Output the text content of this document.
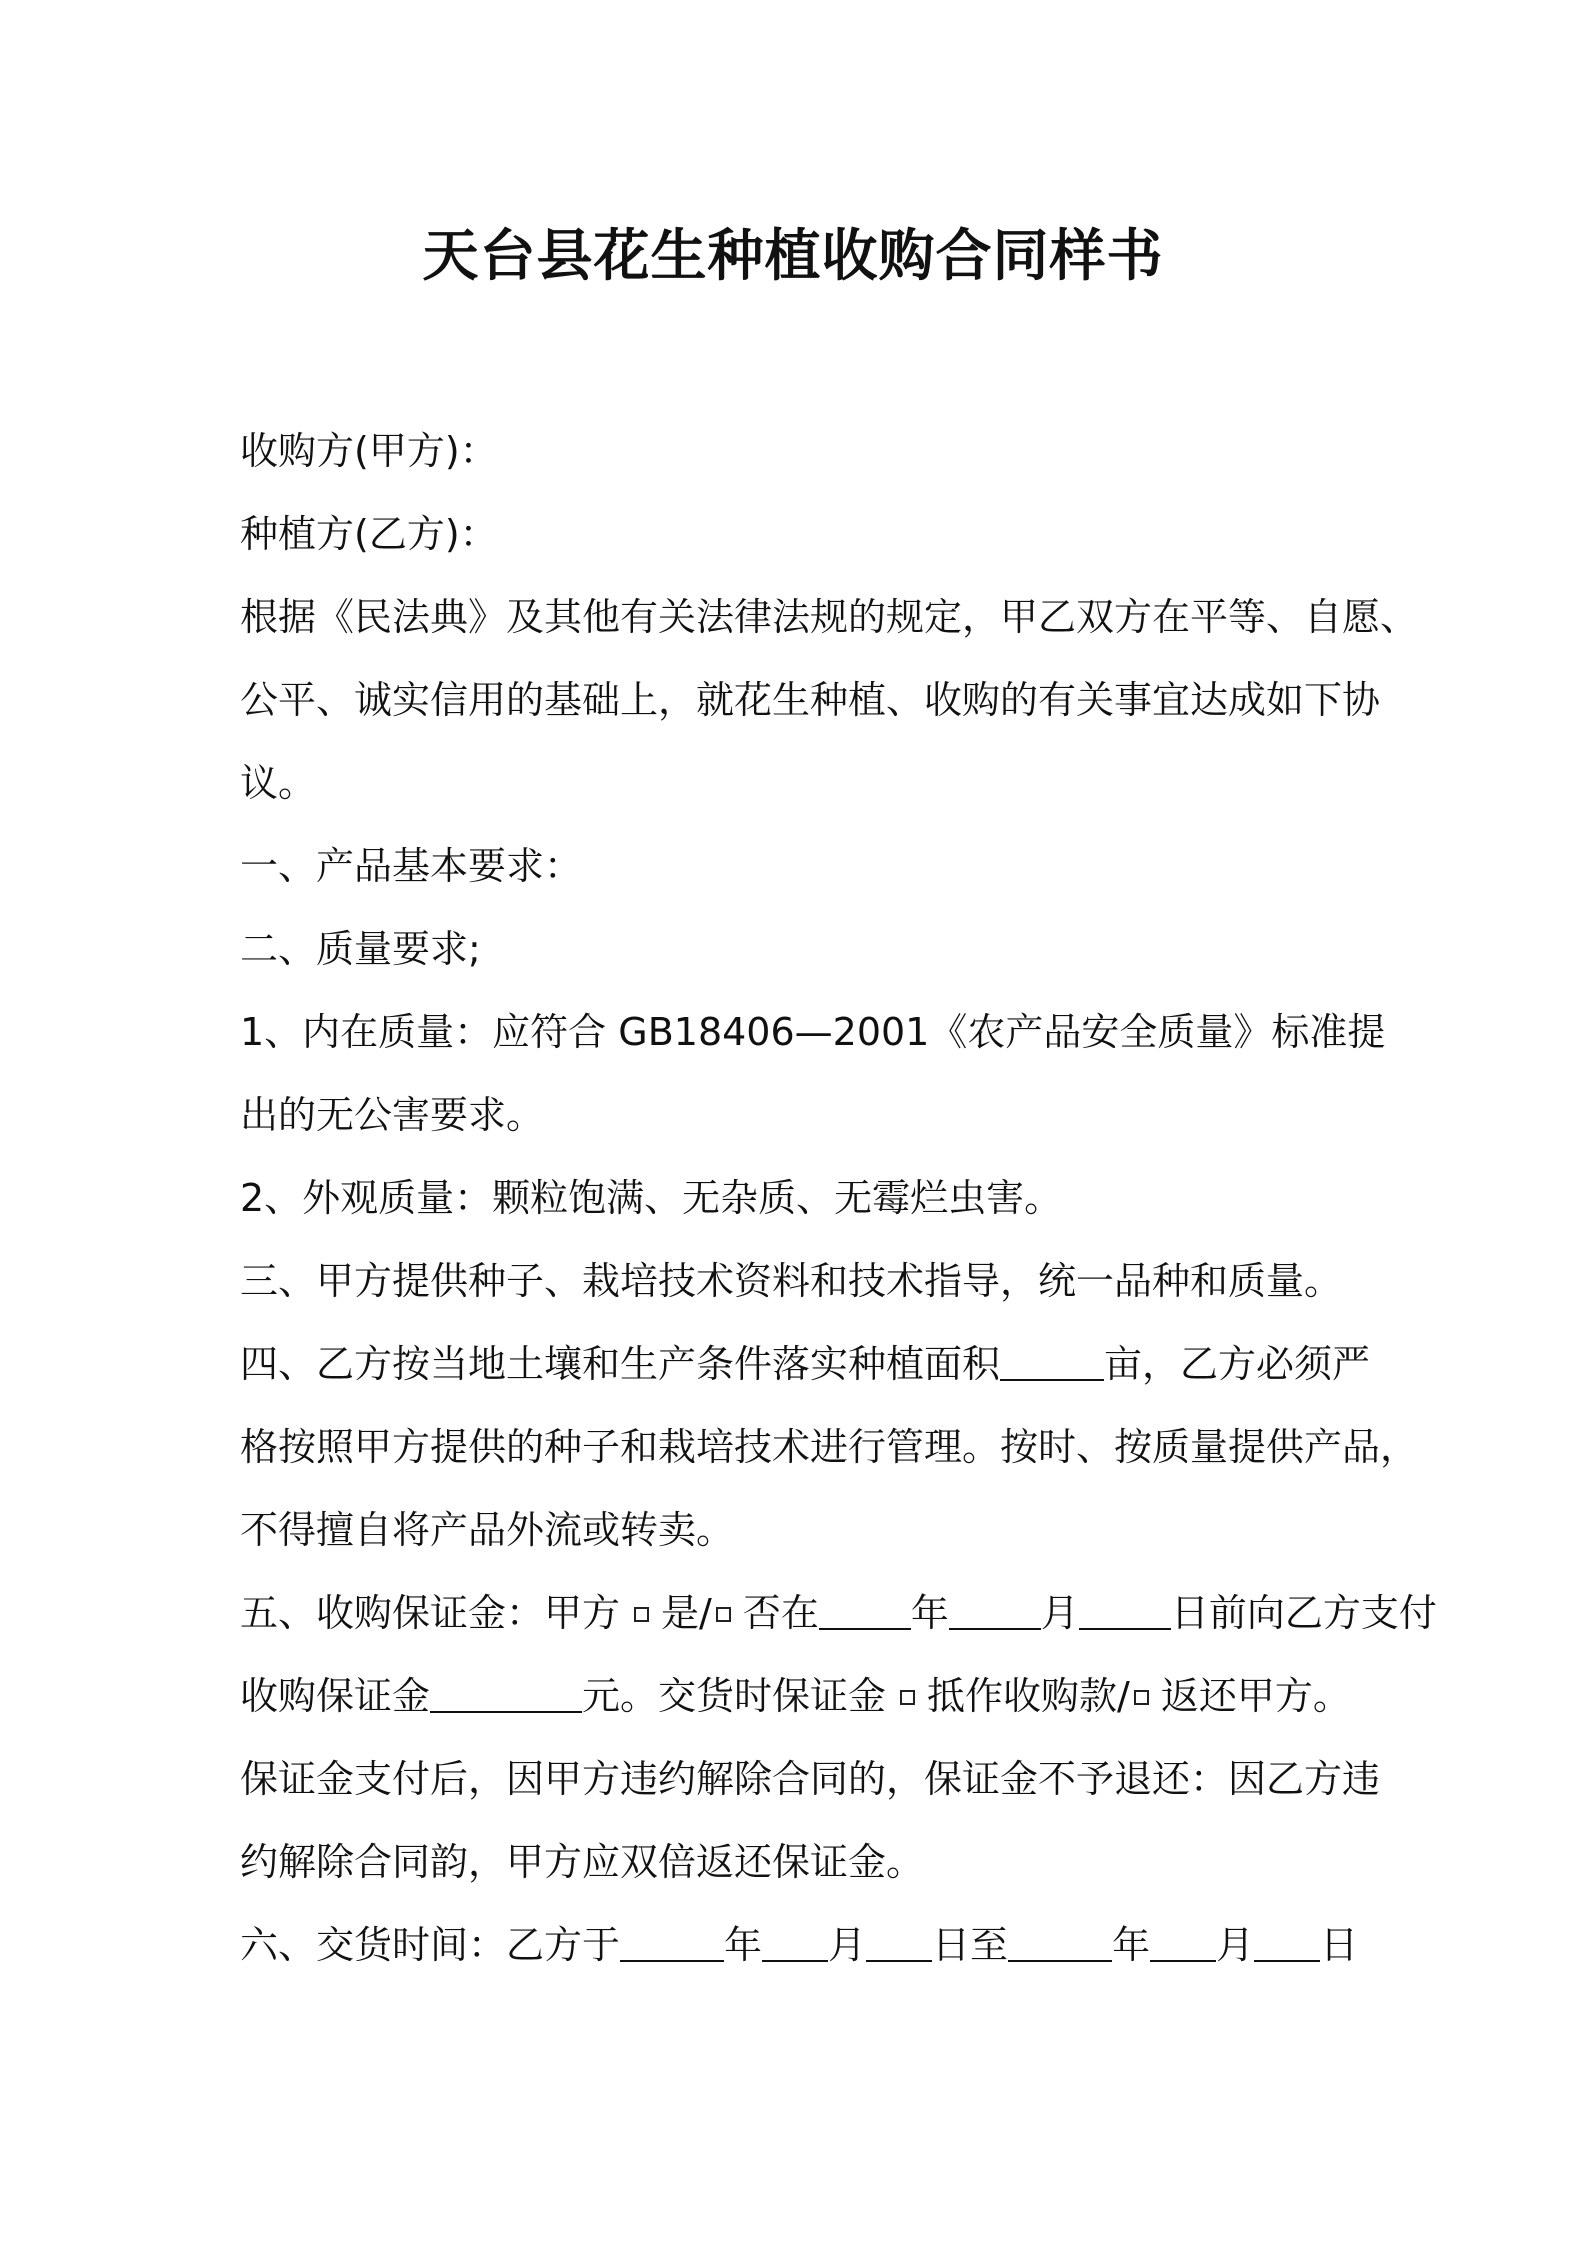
天台县花生种植收购合同样书
收购方(甲方)：
种植方(乙方)：
根据《民法典》及其他有关法律法规的规定，甲乙双方在平等、自愿、
公平、诚实信用的基础上，就花生种植、收购的有关事宜达成如下协
议。
一、产品基本要求：
二、质量要求;
1、内在质量：应符合 GB18406—2001《农产品安全质量》标准提
出的无公害要求。
2、外观质量：颗粒饱满、无杂质、无霉烂虫害。
三、甲方提供种子、栽培技术资料和技术指导，统一品种和质量。
四、乙方按当地土壤和生产条件落实种植面积	亩，乙方必须严
格按照甲方提供的种子和栽培技术进行管理。按时、按质量提供产品，
不得擅自将产品外流或转卖。
五、收购保证金：甲方 是/ 否在 年 月 日前向乙方支付
收购保证金	元。交货时保证金 抵作收购款/ 返还甲方。
保证金支付后，因甲方违约解除合同的，保证金不予退还：因乙方违
约解除合同韵，甲方应双倍返还保证金。
六、交货时间：乙方于	年 月 日至	年 月 日
